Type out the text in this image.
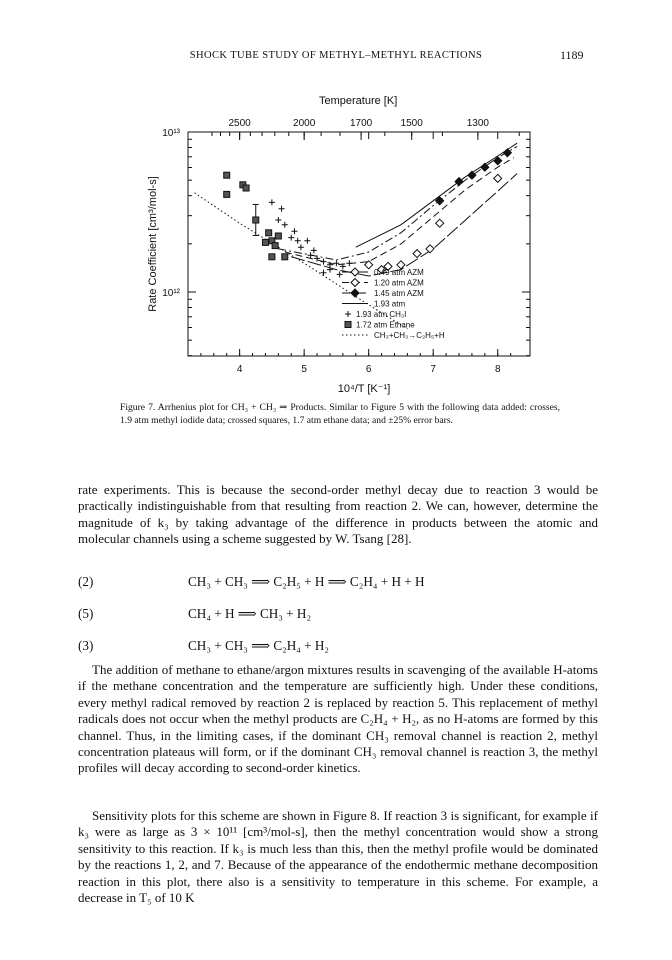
SHOCK TUBE STUDY OF METHYL–METHYL REACTIONS	1189
4	5	6	7	8
2500	2000	1700	1500	1300
10¹³
10¹²
Temperature [K]
10⁴/T [K⁻¹]
Rate Coefficient [cm³/mol-s]	0.49 atm AZM
1.20 atm AZM
1.45 atm AZM
1.93 atm
1.93 atm CH₃I
1.72 atm Ethane
CH₃+CH₃→C₂H₅+H
Figure 7. Arrhenius plot for CH₃ + CH₃ ⇒ Products. Similar to Figure 5 with the following data added: crosses, 1.9 atm methyl iodide data; crossed squares, 1.7 atm ethane data; and ±25% error bars.
rate experiments. This is because the second-order methyl decay due to reaction 3 would be practically indistinguishable from that resulting from reaction 2. We can, however, determine the magnitude of k₃ by taking advantage of the difference in products between the atomic and molecular channels using a scheme suggested by W. Tsang [28].
(2)	CH₃ + CH₃ ⟹ C₂H₅ + H ⟹ C₂H₄ + H + H
(5)	CH₄ + H ⟹ CH₃ + H₂
(3)	CH₃ + CH₃ ⟹ C₂H₄ + H₂
The addition of methane to ethane/argon mixtures results in scavenging of the available H-atoms if the methane concentration and the temperature are sufficiently high. Under these conditions, every methyl radical removed by reaction 2 is replaced by reaction 5. This replacement of methyl radicals does not occur when the methyl products are C₂H₄ + H₂, as no H-atoms are formed by this channel. Thus, in the limiting cases, if the dominant CH₃ removal channel is reaction 2, methyl concentration plateaus will form, or if the dominant CH₃ removal channel is reaction 3, the methyl profiles will decay according to second-order kinetics.
Sensitivity plots for this scheme are shown in Figure 8. If reaction 3 is significant, for example if k₃ were as large as 3 × 10¹¹ [cm³/mol-s], then the methyl concentration would show a strong sensitivity to this reaction. If k₃ is much less than this, then the methyl profile would be dominated by the reactions 1, 2, and 7. Because of the appearance of the endothermic methane decomposition reaction in this plot, there also is a sensitivity to temperature in this scheme. For example, a decrease in T₅ of 10 K
